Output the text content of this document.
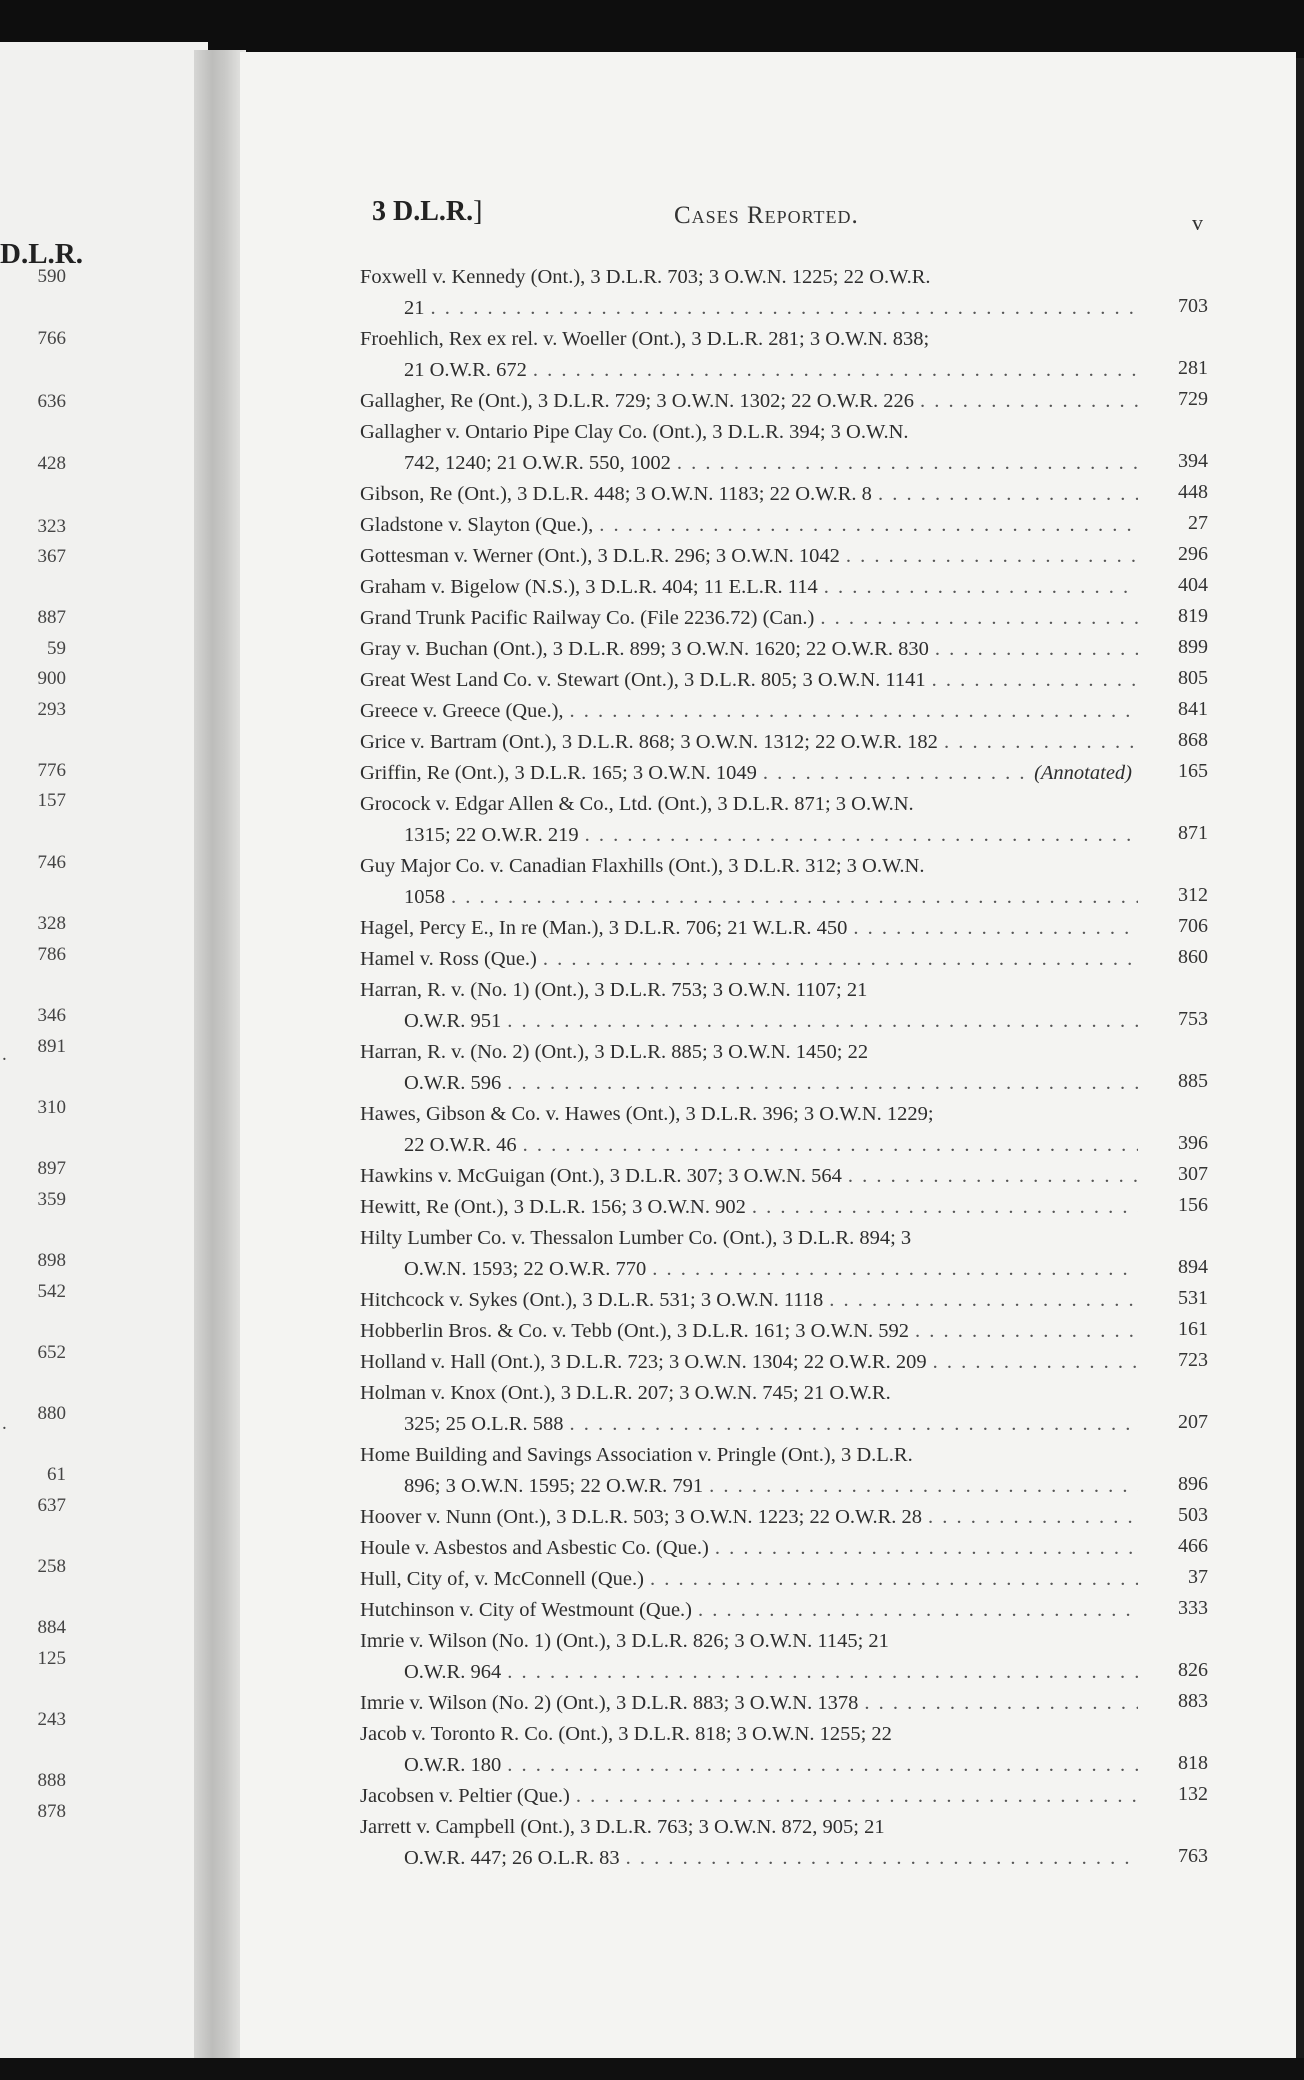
D.L.R.
590
766
636
428
323
367
887
59
900
293
776
157
746
328
786
346
891
310
897
359
898
542
652
880
61
637
258
884
125
243
888
878
.
.
3 D.L.R.]	Cases Reported.	v
Foxwell v. Kennedy (Ont.), 3 D.L.R. 703; 3 O.W.N. 1225; 22 O.W.R.
21 . . .	703
Froehlich, Rex ex rel. v. Woeller (Ont.), 3 D.L.R. 281; 3 O.W.N. 838;
21 O.W.R. 672 . . .	281
Gallagher, Re (Ont.), 3 D.L.R. 729; 3 O.W.N. 1302; 22 O.W.R. 226 . . .	729
Gallagher v. Ontario Pipe Clay Co. (Ont.), 3 D.L.R. 394; 3 O.W.N.
742, 1240; 21 O.W.R. 550, 1002 . . .	394
Gibson, Re (Ont.), 3 D.L.R. 448; 3 O.W.N. 1183; 22 O.W.R. 8 . . .	448
Gladstone v. Slayton (Que.), . . .	27
Gottesman v. Werner (Ont.), 3 D.L.R. 296; 3 O.W.N. 1042 . . .	296
Graham v. Bigelow (N.S.), 3 D.L.R. 404; 11 E.L.R. 114 . . .	404
Grand Trunk Pacific Railway Co. (File 2236.72) (Can.) . . .	819
Gray v. Buchan (Ont.), 3 D.L.R. 899; 3 O.W.N. 1620; 22 O.W.R. 830 . . .	899
Great West Land Co. v. Stewart (Ont.), 3 D.L.R. 805; 3 O.W.N. 1141 . . .	805
Greece v. Greece (Que.), . . .	841
Grice v. Bartram (Ont.), 3 D.L.R. 868; 3 O.W.N. 1312; 22 O.W.R. 182 . . .	868
Griffin, Re (Ont.), 3 D.L.R. 165; 3 O.W.N. 1049 . . .	(Annotated)	165
Grocock v. Edgar Allen & Co., Ltd. (Ont.), 3 D.L.R. 871; 3 O.W.N.
1315; 22 O.W.R. 219 . . .	871
Guy Major Co. v. Canadian Flaxhills (Ont.), 3 D.L.R. 312; 3 O.W.N.
1058 . . .	312
Hagel, Percy E., In re (Man.), 3 D.L.R. 706; 21 W.L.R. 450 . . .	706
Hamel v. Ross (Que.) . . .	860
Harran, R. v. (No. 1) (Ont.), 3 D.L.R. 753; 3 O.W.N. 1107; 21
O.W.R. 951 . . .	753
Harran, R. v. (No. 2) (Ont.), 3 D.L.R. 885; 3 O.W.N. 1450; 22
O.W.R. 596 . . .	885
Hawes, Gibson & Co. v. Hawes (Ont.), 3 D.L.R. 396; 3 O.W.N. 1229;
22 O.W.R. 46 . . .	396
Hawkins v. McGuigan (Ont.), 3 D.L.R. 307; 3 O.W.N. 564 . . .	307
Hewitt, Re (Ont.), 3 D.L.R. 156; 3 O.W.N. 902 . . .	156
Hilty Lumber Co. v. Thessalon Lumber Co. (Ont.), 3 D.L.R. 894; 3
O.W.N. 1593; 22 O.W.R. 770 . . .	894
Hitchcock v. Sykes (Ont.), 3 D.L.R. 531; 3 O.W.N. 1118 . . .	531
Hobberlin Bros. & Co. v. Tebb (Ont.), 3 D.L.R. 161; 3 O.W.N. 592 . . .	161
Holland v. Hall (Ont.), 3 D.L.R. 723; 3 O.W.N. 1304; 22 O.W.R. 209 . . .	723
Holman v. Knox (Ont.), 3 D.L.R. 207; 3 O.W.N. 745; 21 O.W.R.
325; 25 O.L.R. 588 . . .	207
Home Building and Savings Association v. Pringle (Ont.), 3 D.L.R.
896; 3 O.W.N. 1595; 22 O.W.R. 791 . . .	896
Hoover v. Nunn (Ont.), 3 D.L.R. 503; 3 O.W.N. 1223; 22 O.W.R. 28 . . .	503
Houle v. Asbestos and Asbestic Co. (Que.) . . .	466
Hull, City of, v. McConnell (Que.) . . .	37
Hutchinson v. City of Westmount (Que.) . . .	333
Imrie v. Wilson (No. 1) (Ont.), 3 D.L.R. 826; 3 O.W.N. 1145; 21
O.W.R. 964 . . .	826
Imrie v. Wilson (No. 2) (Ont.), 3 D.L.R. 883; 3 O.W.N. 1378 . . .	883
Jacob v. Toronto R. Co. (Ont.), 3 D.L.R. 818; 3 O.W.N. 1255; 22
O.W.R. 180 . . .	818
Jacobsen v. Peltier (Que.) . . .	132
Jarrett v. Campbell (Ont.), 3 D.L.R. 763; 3 O.W.N. 872, 905; 21
O.W.R. 447; 26 O.L.R. 83 . . .	763
